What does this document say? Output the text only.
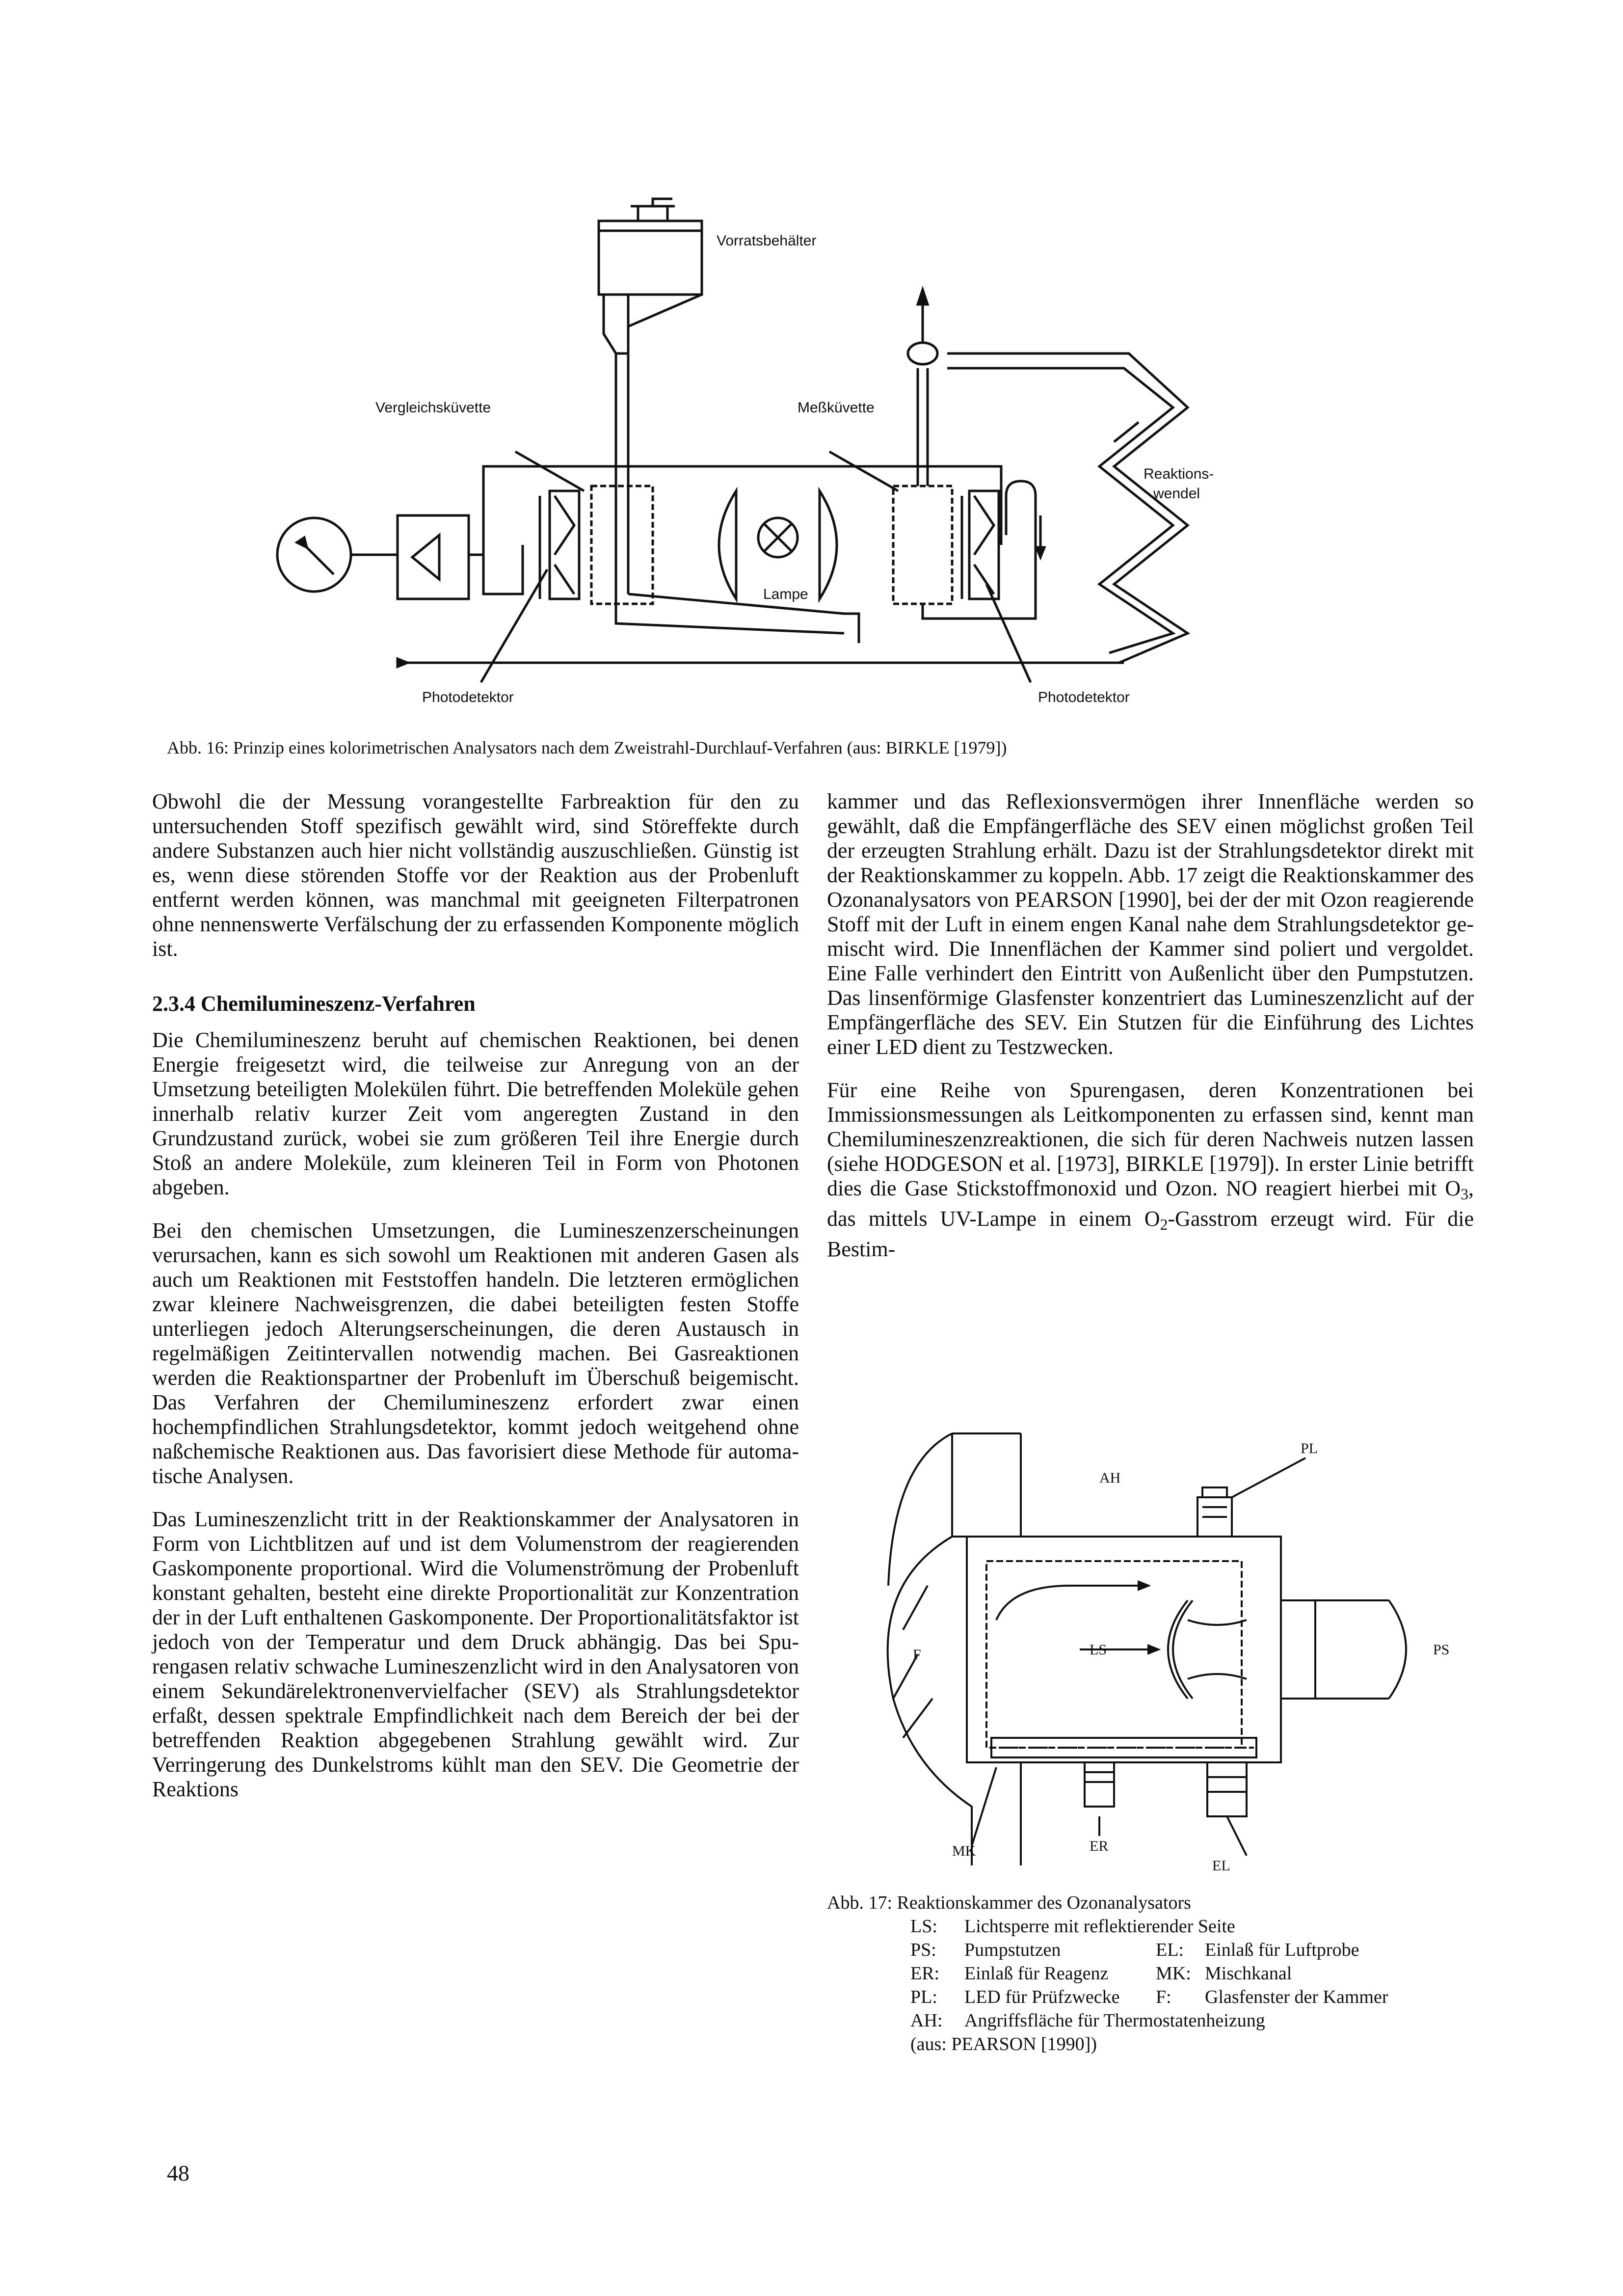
Vorratsbehälter
Vergleichsküvette	Meßküvette
Reaktions-
wendel
Lampe
Photodetektor	Photodetektor
Abb. 16: Prinzip eines kolorimetrischen Analysators nach dem Zweistrahl-Durchlauf-Verfahren (aus: BIRKLE [1979])

Obwohl die der Messung vorangestellte Farbreaktion für den zu untersuchenden Stoff spezifisch gewählt wird, sind Störeffekte durch andere Substanzen auch hier nicht vollständig auszuschließen. Günstig ist es, wenn diese störenden Stoffe vor der Reaktion aus der Probenluft entfernt werden können, was manchmal mit geeigneten Filterpatronen ohne nennenswerte Verfälschung der zu erfassenden Komponente möglich ist.

2.3.4 Chemilumineszenz-Verfahren

Die Chemilumineszenz beruht auf chemischen Reaktionen, bei denen Energie freigesetzt wird, die teilweise zur Anregung von an der Umsetzung beteiligten Molekülen führt. Die betreffenden Moleküle gehen innerhalb relativ kurzer Zeit vom angeregten Zustand in den Grundzustand zurück, wobei sie zum größeren Teil ihre Energie durch Stoß an andere Moleküle, zum kleineren Teil in Form von Photonen abgeben.

Bei den chemischen Umsetzungen, die Lumineszenzerscheinungen verursachen, kann es sich sowohl um Reaktionen mit anderen Gasen als auch um Reaktionen mit Feststoffen handeln. Die letzteren ermöglichen zwar kleinere Nachweisgrenzen, die dabei beteiligten festen Stoffe unterliegen jedoch Alterungserscheinungen, die deren Austausch in regelmäßigen Zeitintervallen notwendig machen. Bei Gasreaktionen werden die Reaktionspartner der Probenluft im Überschuß beigemischt. Das Verfahren der Chemilumineszenz erfordert zwar einen hochempfindlichen Strahlungsdetektor, kommt jedoch weitgehend ohne naßchemische Reaktionen aus. Das favorisiert diese Methode für automatische Analysen.

Das Lumineszenzlicht tritt in der Reaktionskammer der Analysatoren in Form von Lichtblitzen auf und ist dem Volumenstrom der reagierenden Gaskomponente proportional. Wird die Volumenströmung der Probenluft konstant gehalten, besteht eine direkte Proportionalität zur Konzentration der in der Luft enthaltenen Gaskomponente. Der Proportionalitätsfaktor ist jedoch von der Temperatur und dem Druck abhängig. Das bei Spurengasen relativ schwache Lumineszenzlicht wird in den Analysatoren von einem Sekundärelektronenvervielfacher (SEV) als Strahlungsdetektor erfaßt, dessen spektrale Empfindlichkeit nach dem Bereich der bei der betreffenden Reaktion abgegebenen Strahlung gewählt wird. Zur Verringerung des Dunkelstroms kühlt man den SEV. Die Geometrie der Reaktions

kammer und das Reflexionsvermögen ihrer Innenfläche werden so gewählt, daß die Empfängerfläche des SEV einen möglichst großen Teil der erzeugten Strahlung erhält. Dazu ist der Strahlungsdetektor direkt mit der Reaktionskammer zu koppeln. Abb. 17 zeigt die Reaktionskammer des Ozonanalysators von PEARSON [1990], bei der der mit Ozon reagierende Stoff mit der Luft in einem engen Kanal nahe dem Strahlungsdetektor gemischt wird. Die Innenflächen der Kammer sind poliert und vergoldet. Eine Falle verhindert den Eintritt von Außenlicht über den Pumpstutzen. Das linsenförmige Glasfenster konzentriert das Lumineszenzlicht auf der Empfängerfläche des SEV. Ein Stutzen für die Einführung des Lichtes einer LED dient zu Testzwecken.

Für eine Reihe von Spurengasen, deren Konzentrationen bei Immissionsmessungen als Leitkomponenten zu erfassen sind, kennt man Chemilumineszenzreaktionen, die sich für deren Nachweis nutzen lassen (siehe HODGESON et al. [1973], BIRKLE [1979]). In erster Linie betrifft dies die Gase Stickstoffmonoxid und Ozon. NO reagiert hierbei mit $O_3$, das mittels UV-Lampe in einem $O_2$-Gasstrom erzeugt wird. Für die Bestim-

PL
AH
F	LS	PS
MK	ER
EL
Abb. 17: Reaktionskammer des Ozonanalysators
LS: Lichtsperre mit reflektierender Seite
PS: Pumpstutzen	EL: Einlaß für Luftprobe
ER: Einlaß für Reagenz	MK: Mischkanal
PL: LED für Prüfzwecke	F: Glasfenster der Kammer
AH: Angriffsfläche für Thermostatenheizung
(aus: PEARSON [1990])
48
